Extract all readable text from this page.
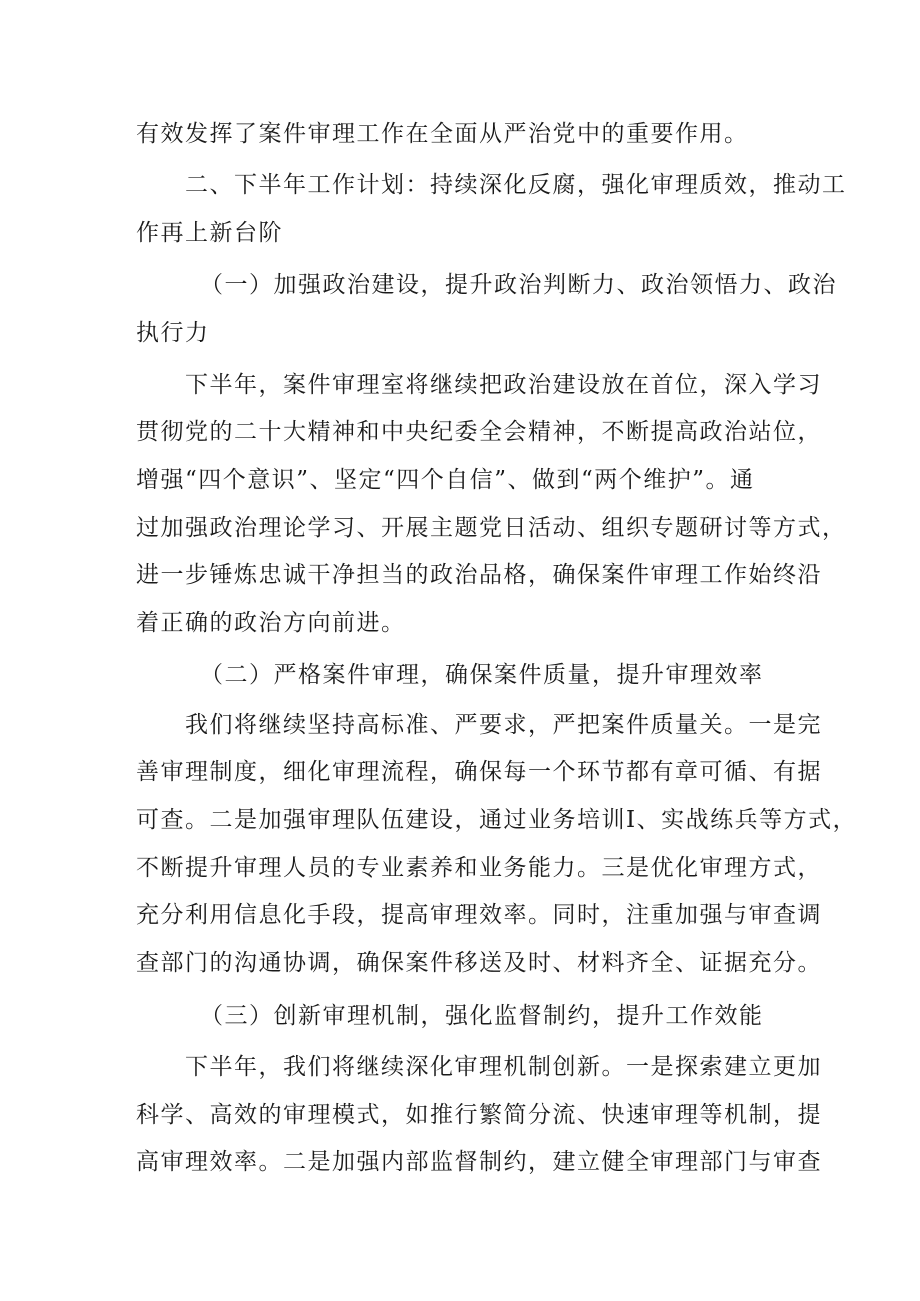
有效发挥了案件审理工作在全面从严治党中的重要作用。
二、下半年工作计划：持续深化反腐，强化审理质效，推动工
作再上新台阶
（一）加强政治建设，提升政治判断力、政治领悟力、政治
执行力
下半年，案件审理室将继续把政治建设放在首位，深入学习
贯彻党的二十大精神和中央纪委全会精神，不断提高政治站位，
增强“四个意识”、坚定“四个自信”、做到“两个维护”。通
过加强政治理论学习、开展主题党日活动、组织专题研讨等方式，
进一步锤炼忠诚干净担当的政治品格，确保案件审理工作始终沿
着正确的政治方向前进。
（二）严格案件审理，确保案件质量，提升审理效率
我们将继续坚持高标准、严要求，严把案件质量关。一是完
善审理制度，细化审理流程，确保每一个环节都有章可循、有据
可查。二是加强审理队伍建设，通过业务培训I、实战练兵等方式，
不断提升审理人员的专业素养和业务能力。三是优化审理方式，
充分利用信息化手段，提高审理效率。同时，注重加强与审查调
查部门的沟通协调，确保案件移送及时、材料齐全、证据充分。
（三）创新审理机制，强化监督制约，提升工作效能
下半年，我们将继续深化审理机制创新。一是探索建立更加
科学、高效的审理模式，如推行繁简分流、快速审理等机制，提
高审理效率。二是加强内部监督制约，建立健全审理部门与审查
